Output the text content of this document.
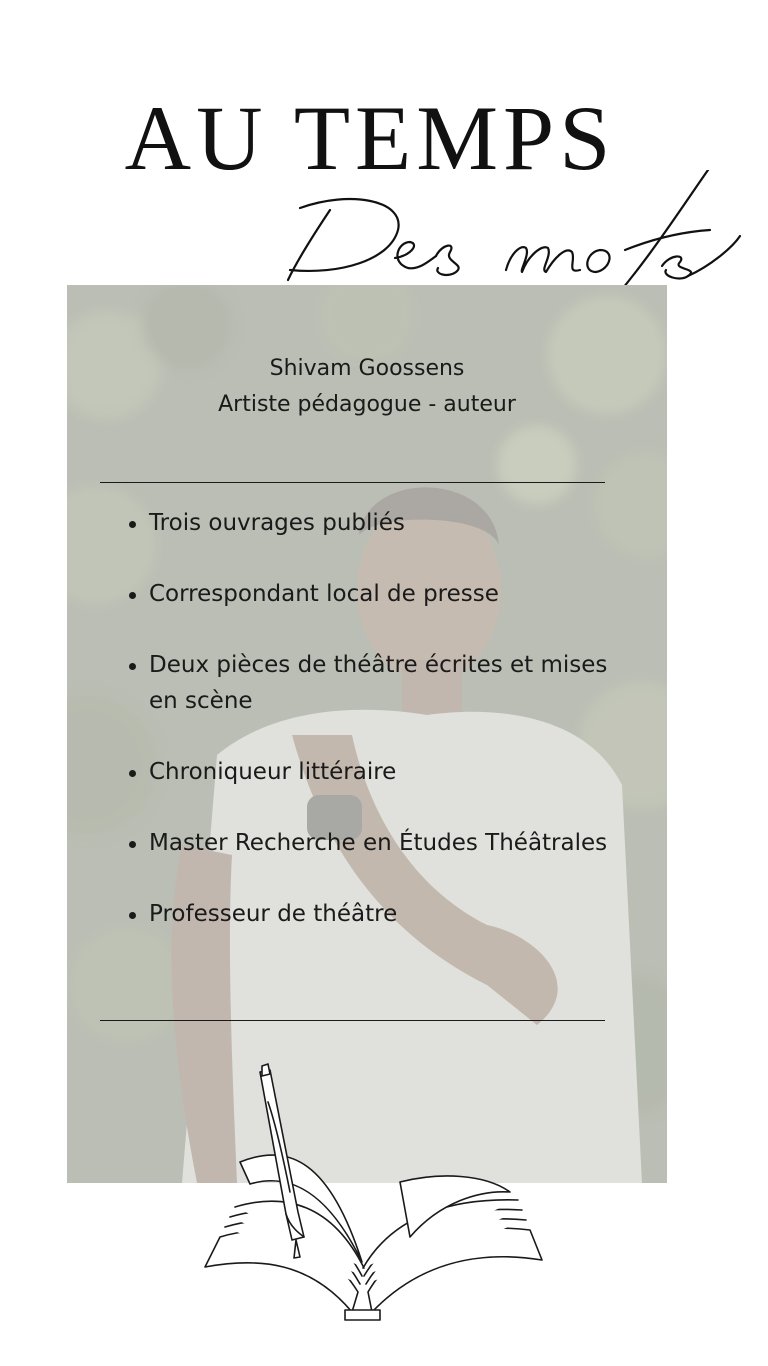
AU TEMPS
Shivam Goossens
Artiste pédagogue - auteur
Trois ouvrages publiés
Correspondant local de presse
Deux pièces de théâtre écrites et mises en scène
Chroniqueur littéraire
Master Recherche en Études Théâtrales
Professeur de théâtre
